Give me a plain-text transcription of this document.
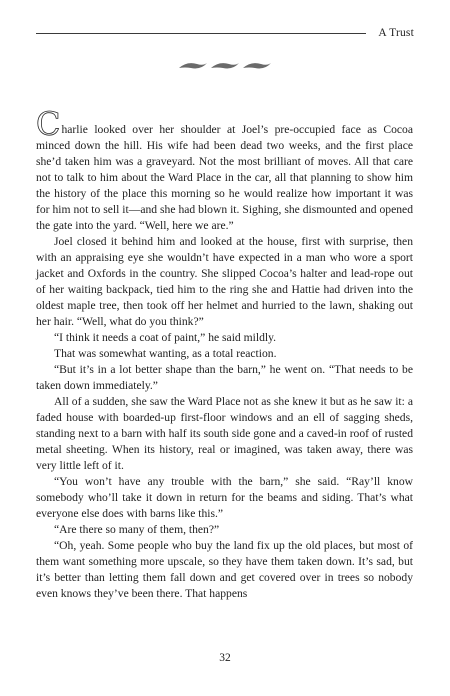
A Trust

Charlie looked over her shoulder at Joel’s pre-occupied face as Cocoa minced down the hill. His wife had been dead two weeks, and the first place she’d taken him was a graveyard. Not the most brilliant of moves. All that care not to talk to him about the Ward Place in the car, all that planning to show him the history of the place this morning so he would realize how important it was for him not to sell it—and she had blown it. Sighing, she dismounted and opened the gate into the yard. “Well, here we are.”

Joel closed it behind him and looked at the house, first with surprise, then with an appraising eye she wouldn’t have expected in a man who wore a sport jacket and Oxfords in the country. She slipped Cocoa’s halter and lead-rope out of her waiting backpack, tied him to the ring she and Hattie had driven into the oldest maple tree, then took off her helmet and hurried to the lawn, shaking out her hair. “Well, what do you think?”

“I think it needs a coat of paint,” he said mildly.

That was somewhat wanting, as a total reaction.

“But it’s in a lot better shape than the barn,” he went on. “That needs to be taken down immediately.”

All of a sudden, she saw the Ward Place not as she knew it but as he saw it: a faded house with boarded-up first-floor windows and an ell of sagging sheds, standing next to a barn with half its south side gone and a caved-in roof of rusted metal sheeting. When its history, real or imagined, was taken away, there was very little left of it.

“You won’t have any trouble with the barn,” she said. “Ray’ll know somebody who’ll take it down in return for the beams and siding. That’s what everyone else does with barns like this.”

“Are there so many of them, then?”

“Oh, yeah. Some people who buy the land fix up the old places, but most of them want something more upscale, so they have them taken down. It’s sad, but it’s better than letting them fall down and get covered over in trees so nobody even knows they’ve been there. That happens

32
